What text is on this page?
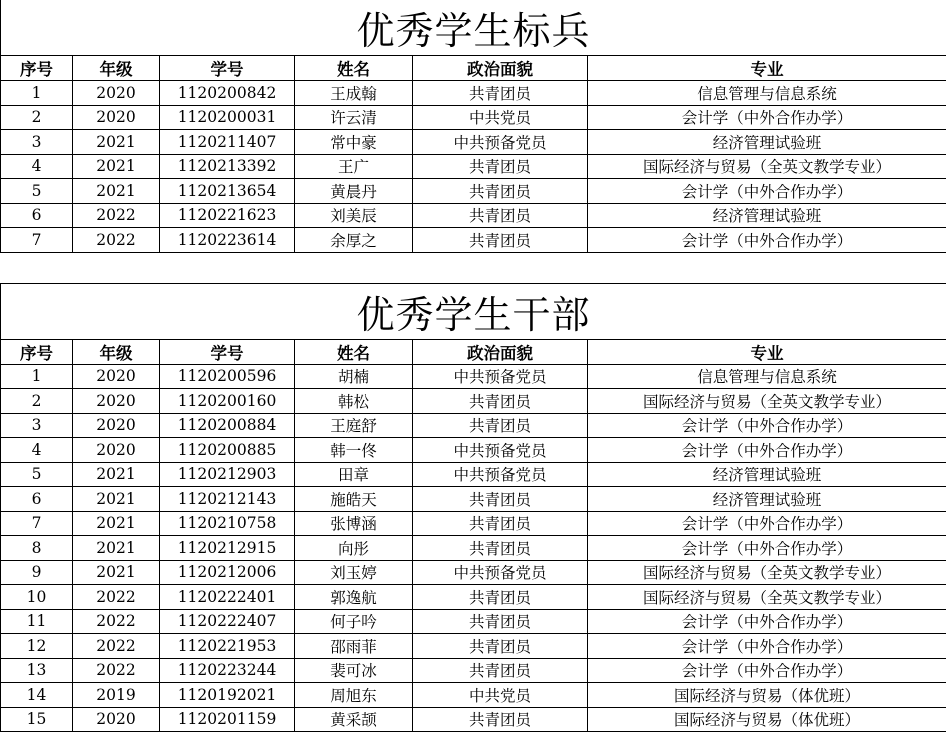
优秀学生标兵					
序号	年级	学号	姓名	政治面貌	专业
1	2020	1120200842	王成翰	共青团员	信息管理与信息系统
2	2020	1120200031	许云清	中共党员	会计学（中外合作办学）
3	2021	1120211407	常中豪	中共预备党员	经济管理试验班
4	2021	1120213392	王广	共青团员	国际经济与贸易（全英文教学专业）
5	2021	1120213654	黄晨丹	共青团员	会计学（中外合作办学）
6	2022	1120221623	刘美辰	共青团员	经济管理试验班
7	2022	1120223614	余厚之	共青团员	会计学（中外合作办学）
优秀学生干部					
序号	年级	学号	姓名	政治面貌	专业
1	2020	1120200596	胡楠	中共预备党员	信息管理与信息系统
2	2020	1120200160	韩松	共青团员	国际经济与贸易（全英文教学专业）
3	2020	1120200884	王庭舒	共青团员	会计学（中外合作办学）
4	2020	1120200885	韩一佟	中共预备党员	会计学（中外合作办学）
5	2021	1120212903	田章	中共预备党员	经济管理试验班
6	2021	1120212143	施皓天	共青团员	经济管理试验班
7	2021	1120210758	张博涵	共青团员	会计学（中外合作办学）
8	2021	1120212915	向彤	共青团员	会计学（中外合作办学）
9	2021	1120212006	刘玉婷	中共预备党员	国际经济与贸易（全英文教学专业）
10	2022	1120222401	郭逸航	共青团员	国际经济与贸易（全英文教学专业）
11	2022	1120222407	何子吟	共青团员	会计学（中外合作办学）
12	2022	1120221953	邵雨菲	共青团员	会计学（中外合作办学）
13	2022	1120223244	裴可冰	共青团员	会计学（中外合作办学）
14	2019	1120192021	周旭东	中共党员	国际经济与贸易（体优班）
15	2020	1120201159	黄采颉	共青团员	国际经济与贸易（体优班）
